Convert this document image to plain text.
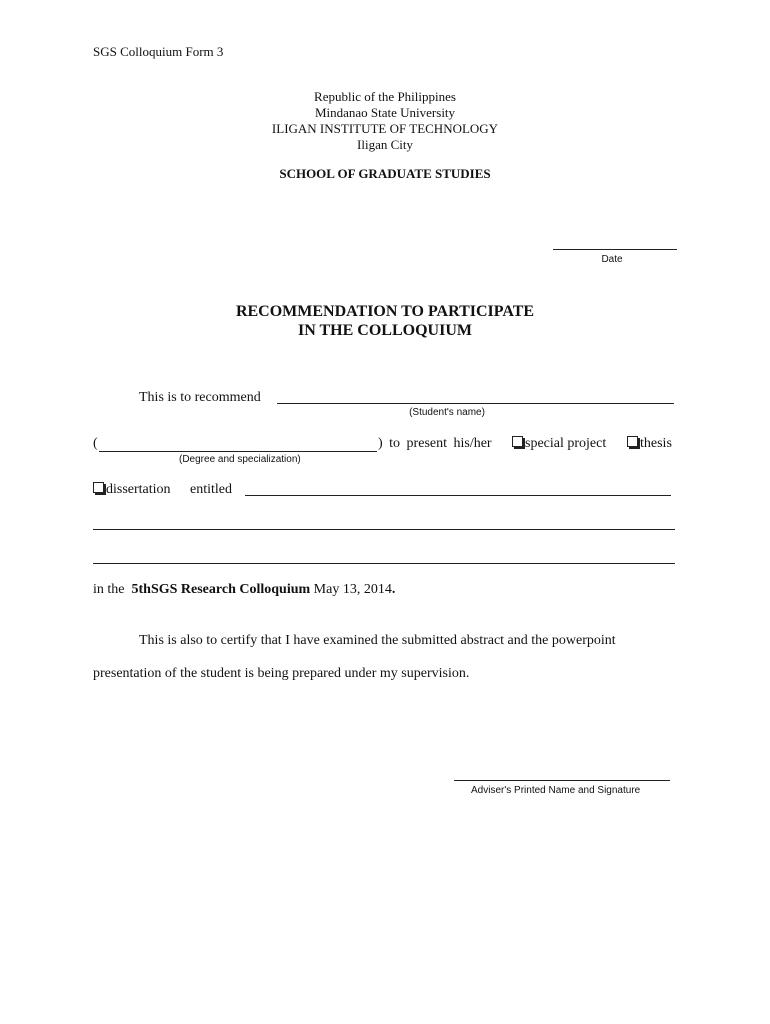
SGS Colloquium Form 3
Republic of the Philippines
Mindanao State University
ILIGAN INSTITUTE OF TECHNOLOGY
Iligan City
SCHOOL OF GRADUATE STUDIES
Date
RECOMMENDATION TO PARTICIPATE
IN THE COLLOQUIUM
This is to recommend
(Student's name)
(	) to present his/her	special project	thesis
(Degree and specialization)
dissertation entitled
in the 5thSGS Research Colloquium May 13, 2014.
This is also to certify that I have examined the submitted abstract and the powerpoint
presentation of the student is being prepared under my supervision.
Adviser's Printed Name and Signature
